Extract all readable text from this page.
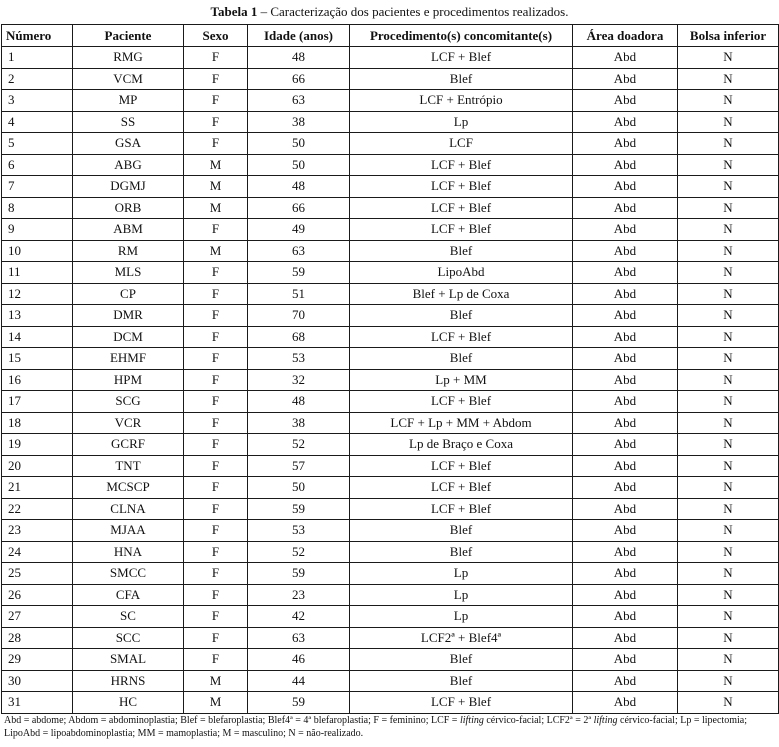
Tabela 1 – Caracterização dos pacientes e procedimentos realizados.
Número	Paciente	Sexo	Idade (anos)	Procedimento(s) concomitante(s)	Área doadora	Bolsa inferior
1	RMG	F	48	LCF + Blef	Abd	N
2	VCM	F	66	Blef	Abd	N
3	MP	F	63	LCF + Entrópio	Abd	N
4	SS	F	38	Lp	Abd	N
5	GSA	F	50	LCF	Abd	N
6	ABG	M	50	LCF + Blef	Abd	N
7	DGMJ	M	48	LCF + Blef	Abd	N
8	ORB	M	66	LCF + Blef	Abd	N
9	ABM	F	49	LCF + Blef	Abd	N
10	RM	M	63	Blef	Abd	N
11	MLS	F	59	LipoAbd	Abd	N
12	CP	F	51	Blef + Lp de Coxa	Abd	N
13	DMR	F	70	Blef	Abd	N
14	DCM	F	68	LCF + Blef	Abd	N
15	EHMF	F	53	Blef	Abd	N
16	HPM	F	32	Lp + MM	Abd	N
17	SCG	F	48	LCF + Blef	Abd	N
18	VCR	F	38	LCF + Lp + MM + Abdom	Abd	N
19	GCRF	F	52	Lp de Braço e Coxa	Abd	N
20	TNT	F	57	LCF + Blef	Abd	N
21	MCSCP	F	50	LCF + Blef	Abd	N
22	CLNA	F	59	LCF + Blef	Abd	N
23	MJAA	F	53	Blef	Abd	N
24	HNA	F	52	Blef	Abd	N
25	SMCC	F	59	Lp	Abd	N
26	CFA	F	23	Lp	Abd	N
27	SC	F	42	Lp	Abd	N
28	SCC	F	63	LCF2ª + Blef4ª	Abd	N
29	SMAL	F	46	Blef	Abd	N
30	HRNS	M	44	Blef	Abd	N
31	HC	M	59	LCF + Blef	Abd	N
Abd = abdome; Abdom = abdominoplastia; Blef = blefaroplastia; Blef4ª = 4ª blefaroplastia; F = feminino; LCF = lifting cérvico-facial; LCF2ª = 2ª lifting cérvico-facial; Lp = lipectomia; LipoAbd = lipoabdominoplastia; MM = mamoplastia; M = masculino; N = não-realizado.
